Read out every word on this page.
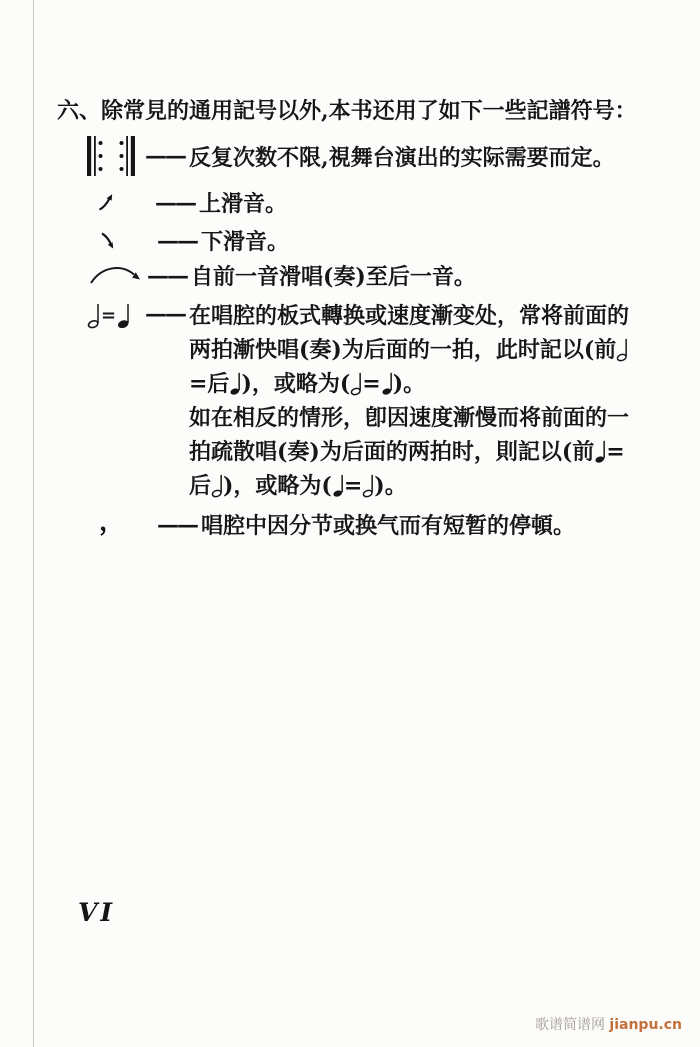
六、除常見的通用記号以外,本书还用了如下一些記譜符号：

—— 反复次数不限,視舞台演出的实际需要而定。
—— 上滑音。
—— 下滑音。
—— 自前一音滑唱(奏)至后一音。
= —— 在唱腔的板式轉换或速度漸变处，常将前面的两拍漸快唱(奏)为后面的一拍，此时記以(前
=后 )，或略为( = )。

如在相反的情形，卽因速度漸慢而将前面的一拍疏散唱(奏)为后面的两拍时，則記以(前 =后 )，或略为( = )。

， —— 唱腔中因分节或换气而有短暂的停頓。
VI
歌谱简谱网 jianpu.cn
